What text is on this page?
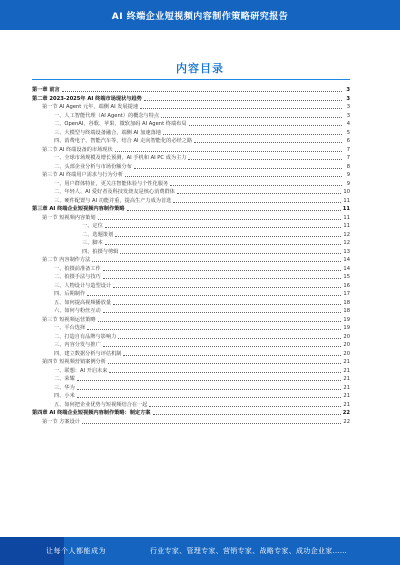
AI 终端企业短视频内容制作策略研究报告
内容目录
第一章 前言	3
第二章 2023-2025年 AI 终端市场现状与趋势	3
第一节 AI Agent 元年，端侧 AI 发展提速	3
一、人工智能代理（AI Agent）的概念与特点	3
二、OpenAI、谷歌、苹果、微软加码 AI Agent 终端布局	4
三、大模型与终端设备融合，端侧 AI 加速落地	5
四、消费电子、智能汽车等，结合 AI 走向智能化的必经之路	6
第二节 AI 终端设备的市场现状	7
一、全球市场规模及增长预测，AI 手机和 AI PC 成为主力	7
二、头部企业分析与市场份额分布	8
第三节 AI 终端用户需求与行为分析	9
一、用户群体特征，更关注智能体验与个性化服务	9
二、年轻人、AI 爱好者及科技发烧友是核心消费群体	10
三、硬件配置与 AI 功能并重，提高生产力成为首选	11
第三章 AI 终端企业短视频内容制作策略	11
第一节 短视频内容策划	11
一、定位	11
二、选题策划	12
三、脚本	12
四、拍摄与剪辑	13
第二节 内容制作方法	14
一、拍摄前准备工作	14
二、拍摄手法与技巧	15
三、人物设计与造型设计	16
四、后期制作	17
五、如何提高视频播放量	18
六、如何与粉丝互动	18
第三节 短视频运营策略	19
一、平台选择	19
二、打造自有品牌与影响力	20
三、内容分发与推广	20
四、建立数据分析与评估机制	20
第四节 短视频营销案例分析	21
一、联想：AI 开启未来	21
二、荣耀	21
三、华为	21
四、小米	21
五、如何把企业优势与短视频结合在一起	21
第四章 AI 终端企业短视频内容制作策略：制定方案	22
第一节 方案设计	22
让每个人都能成为	行业专家、管理专家、营销专家、战略专家、成功企业家……
